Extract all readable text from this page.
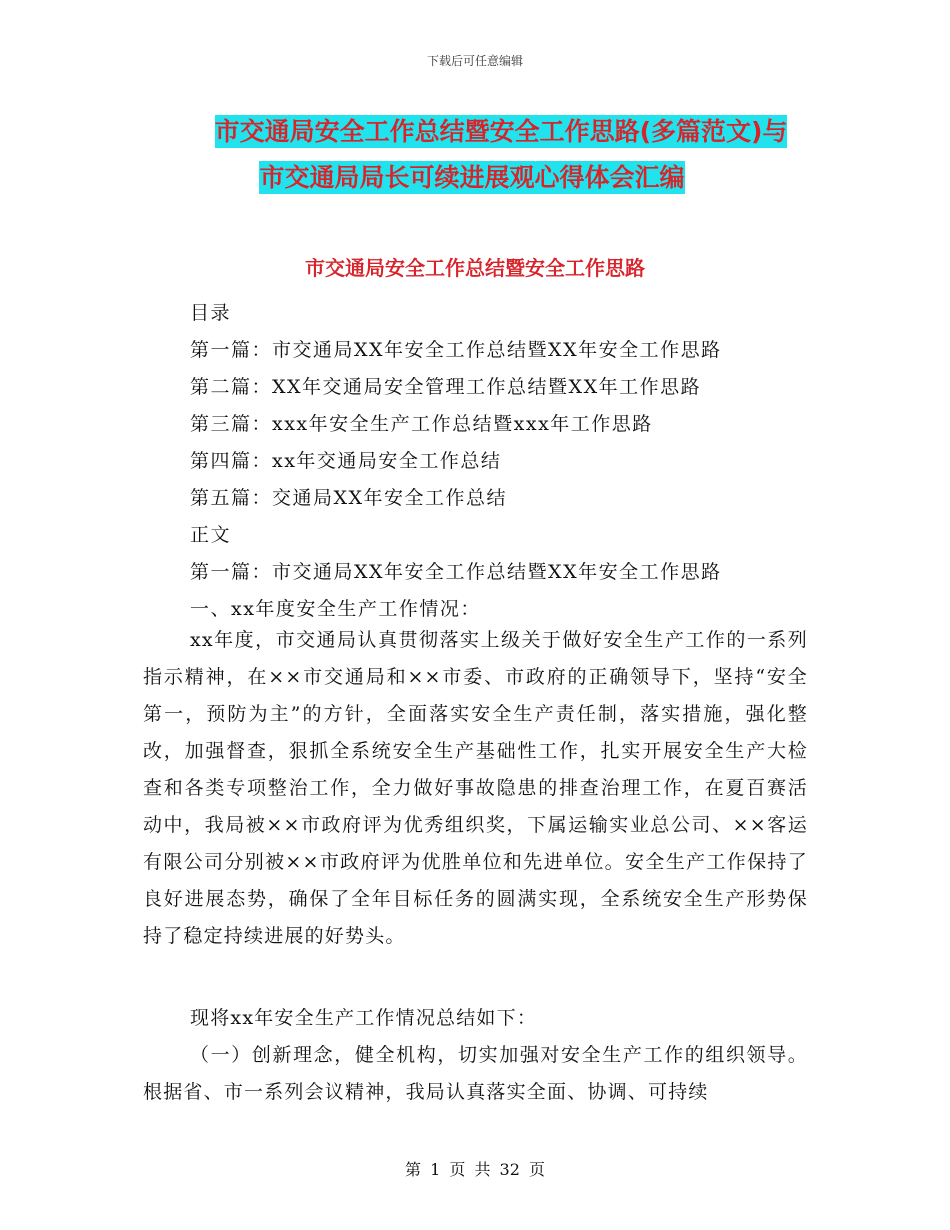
下载后可任意编辑
市交通局安全工作总结暨安全工作思路(多篇范文)与
市交通局局长可续进展观心得体会汇编
市交通局安全工作总结暨安全工作思路
目录
第一篇：市交通局XX年安全工作总结暨XX年安全工作思路
第二篇：XX年交通局安全管理工作总结暨XX年工作思路
第三篇：xxx年安全生产工作总结暨xxx年工作思路
第四篇：xx年交通局安全工作总结
第五篇：交通局XX年安全工作总结
正文
第一篇：市交通局XX年安全工作总结暨XX年安全工作思路
一、xx年度安全生产工作情况：

xx年度，市交通局认真贯彻落实上级关于做好安全生产工作的一系列指示精神，在××市交通局和××市委、市政府的正确领导下，坚持“安全第一，预防为主”的方针，全面落实安全生产责任制，落实措施，强化整改，加强督查，狠抓全系统安全生产基础性工作，扎实开展安全生产大检查和各类专项整治工作，全力做好事故隐患的排查治理工作，在夏百赛活动中，我局被××市政府评为优秀组织奖，下属运输实业总公司、××客运有限公司分别被××市政府评为优胜单位和先进单位。安全生产工作保持了良好进展态势，确保了全年目标任务的圆满实现，全系统安全生产形势保持了稳定持续进展的好势头。

现将xx年安全生产工作情况总结如下：

（一）创新理念，健全机构，切实加强对安全生产工作的组织领导。根据省、市一系列会议精神，我局认真落实全面、协调、可持续

第 1 页 共 32 页
